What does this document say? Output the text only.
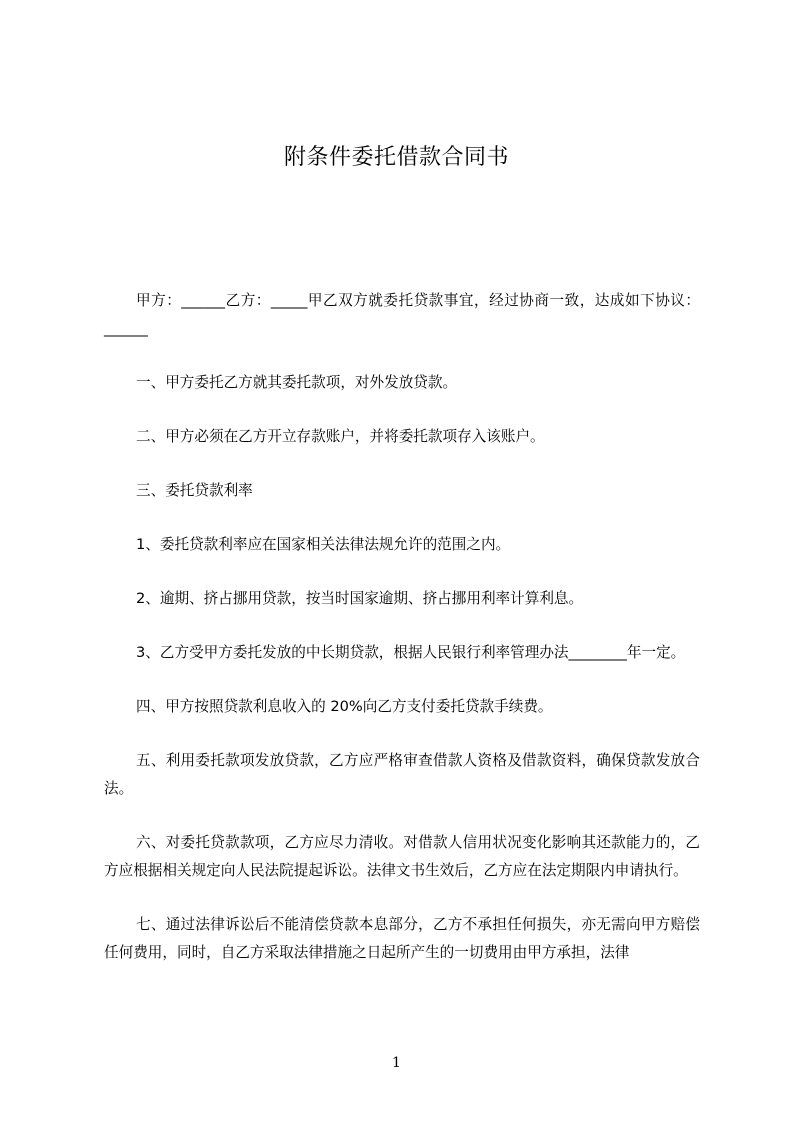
附条件委托借款合同书

甲方：______乙方：_____甲乙双方就委托贷款事宜，经过协商一致，达成如下协议：______

一、甲方委托乙方就其委托款项，对外发放贷款。

二、甲方必须在乙方开立存款账户，并将委托款项存入该账户。

三、委托贷款利率

1、委托贷款利率应在国家相关法律法规允许的范围之内。

2、逾期、挤占挪用贷款，按当时国家逾期、挤占挪用利率计算利息。

3、乙方受甲方委托发放的中长期贷款，根据人民银行利率管理办法________年一定。

四、甲方按照贷款利息收入的 20%向乙方支付委托贷款手续费。

五、利用委托款项发放贷款，乙方应严格审查借款人资格及借款资料，确保贷款发放合法。

六、对委托贷款款项，乙方应尽力清收。对借款人信用状况变化影响其还款能力的，乙方应根据相关规定向人民法院提起诉讼。法律文书生效后，乙方应在法定期限内申请执行。

七、通过法律诉讼后不能清偿贷款本息部分，乙方不承担任何损失，亦无需向甲方赔偿任何费用，同时，自乙方采取法律措施之日起所产生的一切费用由甲方承担，法律

1
